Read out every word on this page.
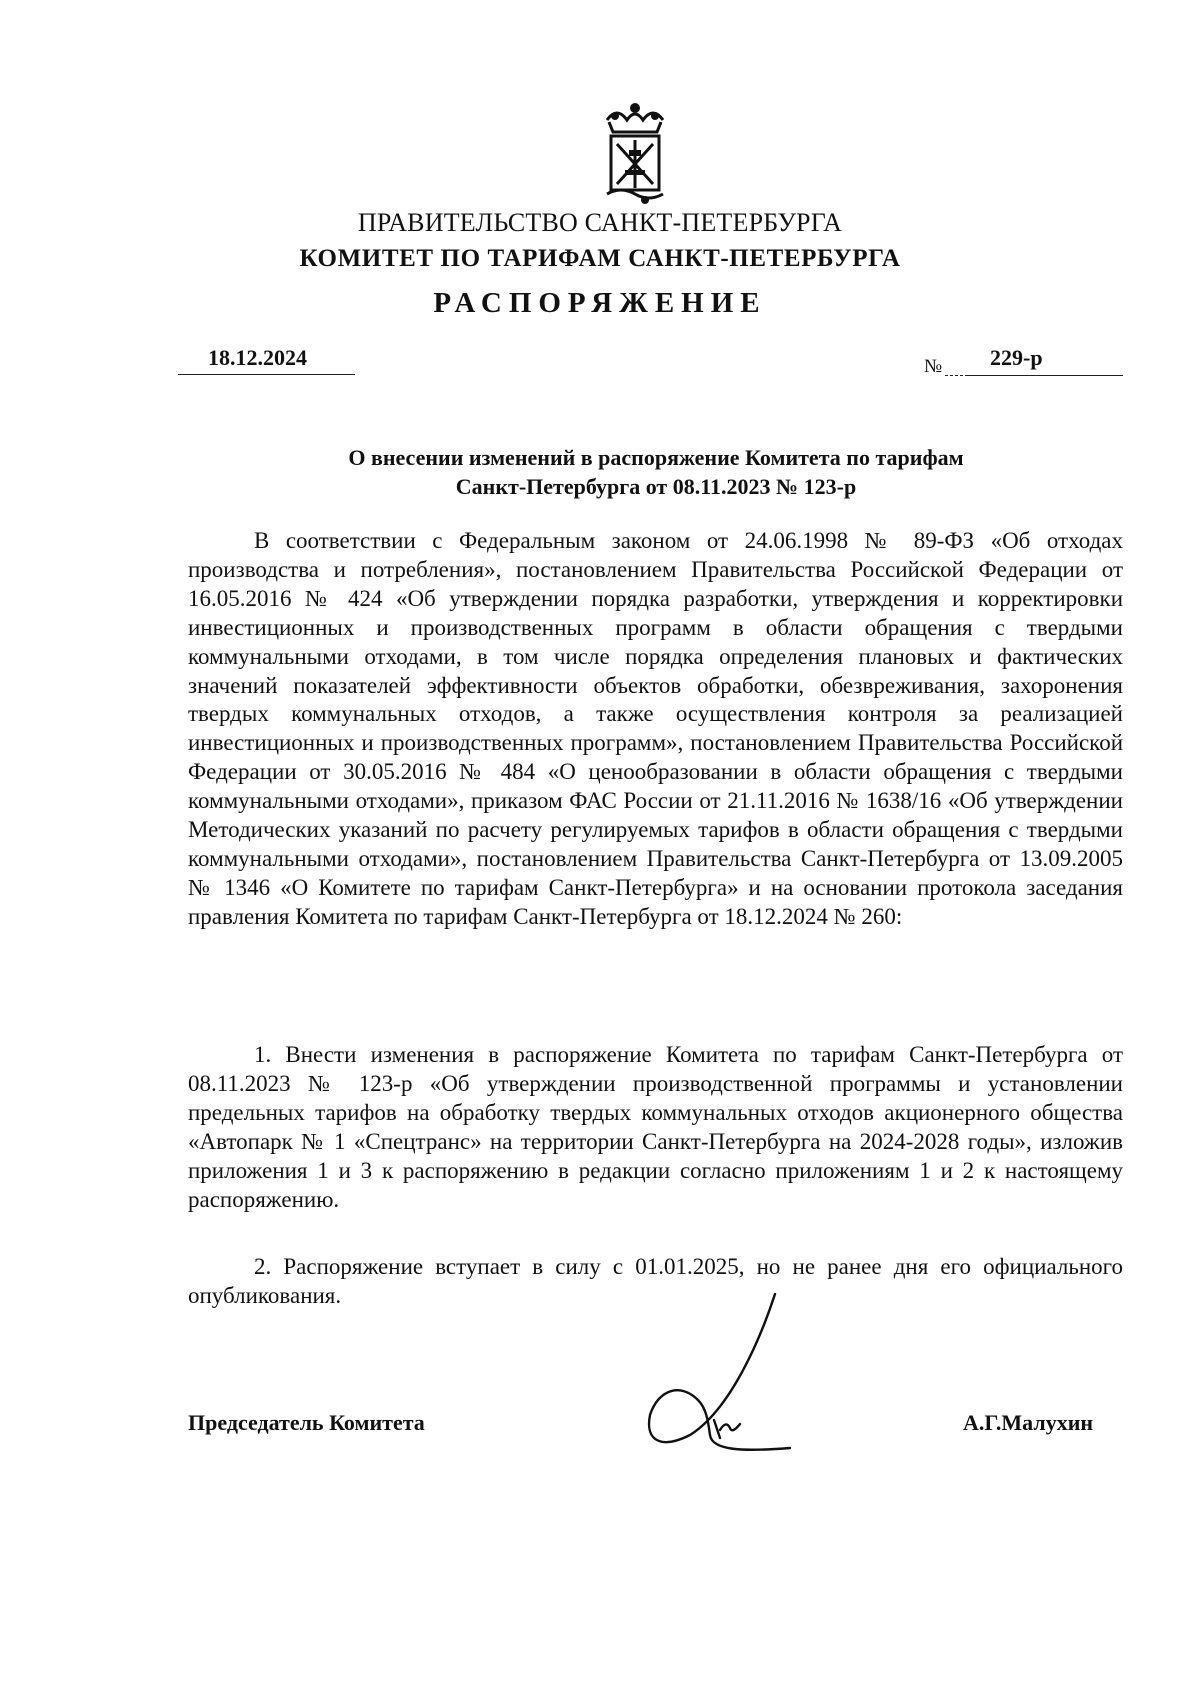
ПРАВИТЕЛЬСТВО САНКТ-ПЕТЕРБУРГА
КОМИТЕТ ПО ТАРИФАМ САНКТ-ПЕТЕРБУРГА
РАСПОРЯЖЕНИЕ
18.12.2024	№ 229-р
О внесении изменений в распоряжение Комитета по тарифам
Санкт-Петербурга от 08.11.2023 № 123-р

В соответствии с Федеральным законом от 24.06.1998 № 89-ФЗ «Об отходах производства и потребления», постановлением Правительства Российской Федерации от 16.05.2016 № 424 «Об утверждении порядка разработки, утверждения и корректировки инвестиционных и производственных программ в области обращения с твердыми коммунальными отходами, в том числе порядка определения плановых и фактических значений показателей эффективности объектов обработки, обезвреживания, захоронения твердых коммунальных отходов, а также осуществления контроля за реализацией инвестиционных и производственных программ», постановлением Правительства Российской Федерации от 30.05.2016 № 484 «О ценообразовании в области обращения с твердыми коммунальными отходами», приказом ФАС России от 21.11.2016 № 1638/16 «Об утверждении Методических указаний по расчету регулируемых тарифов в области обращения с твердыми коммунальными отходами», постановлением Правительства Санкт-Петербурга от 13.09.2005 № 1346 «О Комитете по тарифам Санкт-Петербурга» и на основании протокола заседания правления Комитета по тарифам Санкт-Петербурга от 18.12.2024 № 260:

1. Внести изменения в распоряжение Комитета по тарифам Санкт-Петербурга от 08.11.2023 № 123-р «Об утверждении производственной программы и установлении предельных тарифов на обработку твердых коммунальных отходов акционерного общества «Автопарк № 1 «Спецтранс» на территории Санкт-Петербурга на 2024-2028 годы», изложив приложения 1 и 3 к распоряжению в редакции согласно приложениям 1 и 2 к настоящему распоряжению.

2. Распоряжение вступает в силу с 01.01.2025, но не ранее дня его официального опубликования.

Председатель Комитета	А.Г.Малухин
